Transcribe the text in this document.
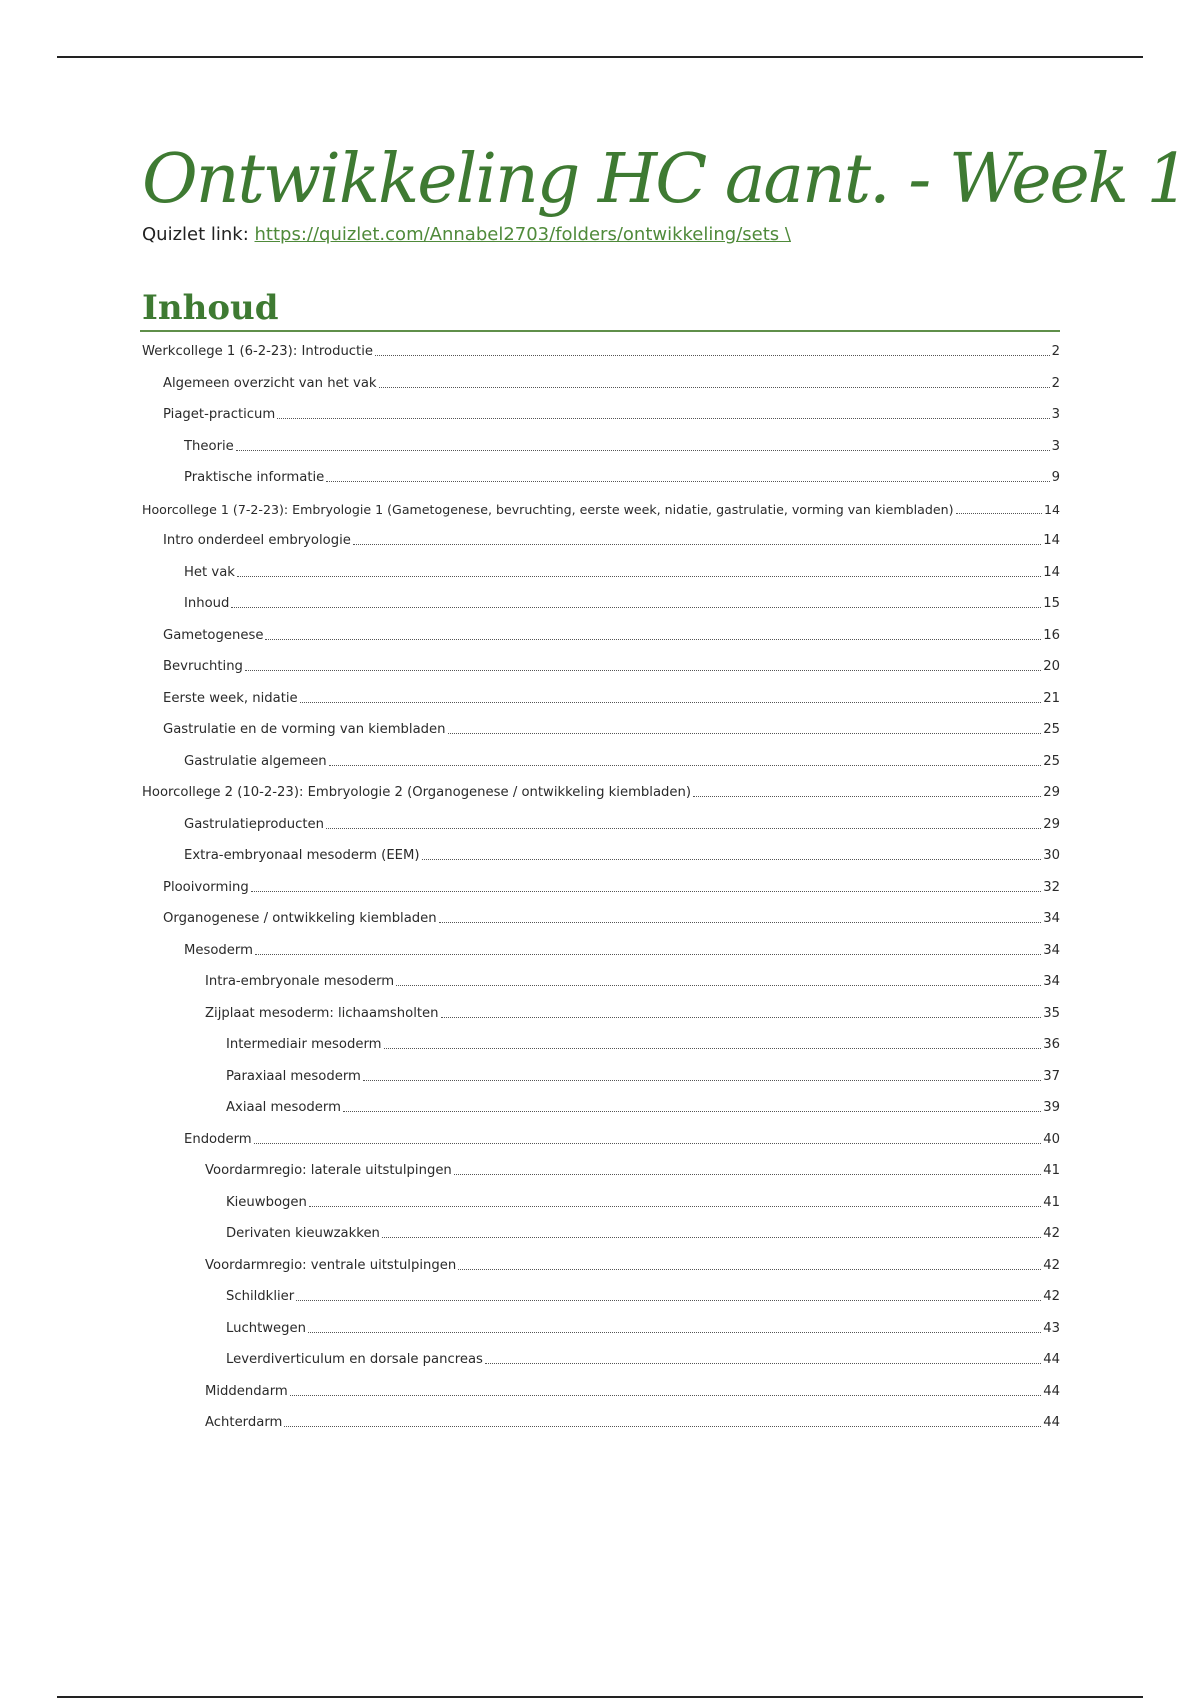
Ontwikkeling HC aant. - Week 1
Quizlet link: https://quizlet.com/Annabel2703/folders/ontwikkeling/sets \
Inhoud
Werkcollege 1 (6-2-23): Introductie	2
Algemeen overzicht van het vak	2
Piaget-practicum	3
Theorie	3
Praktische informatie	9
Hoorcollege 1 (7-2-23): Embryologie 1 (Gametogenese, bevruchting, eerste week, nidatie, gastrulatie, vorming van kiembladen)	14
Intro onderdeel embryologie	14
Het vak	14
Inhoud	15
Gametogenese	16
Bevruchting	20
Eerste week, nidatie	21
Gastrulatie en de vorming van kiembladen	25
Gastrulatie algemeen	25
Hoorcollege 2 (10-2-23): Embryologie 2 (Organogenese / ontwikkeling kiembladen)	29
Gastrulatieproducten	29
Extra-embryonaal mesoderm (EEM)	30
Plooivorming	32
Organogenese / ontwikkeling kiembladen	34
Mesoderm	34
Intra-embryonale mesoderm	34
Zijplaat mesoderm: lichaamsholten	35
Intermediair mesoderm	36
Paraxiaal mesoderm	37
Axiaal mesoderm	39
Endoderm	40
Voordarmregio: laterale uitstulpingen	41
Kieuwbogen	41
Derivaten kieuwzakken	42
Voordarmregio: ventrale uitstulpingen	42
Schildklier	42
Luchtwegen	43
Leverdiverticulum en dorsale pancreas	44
Middendarm	44
Achterdarm	44
